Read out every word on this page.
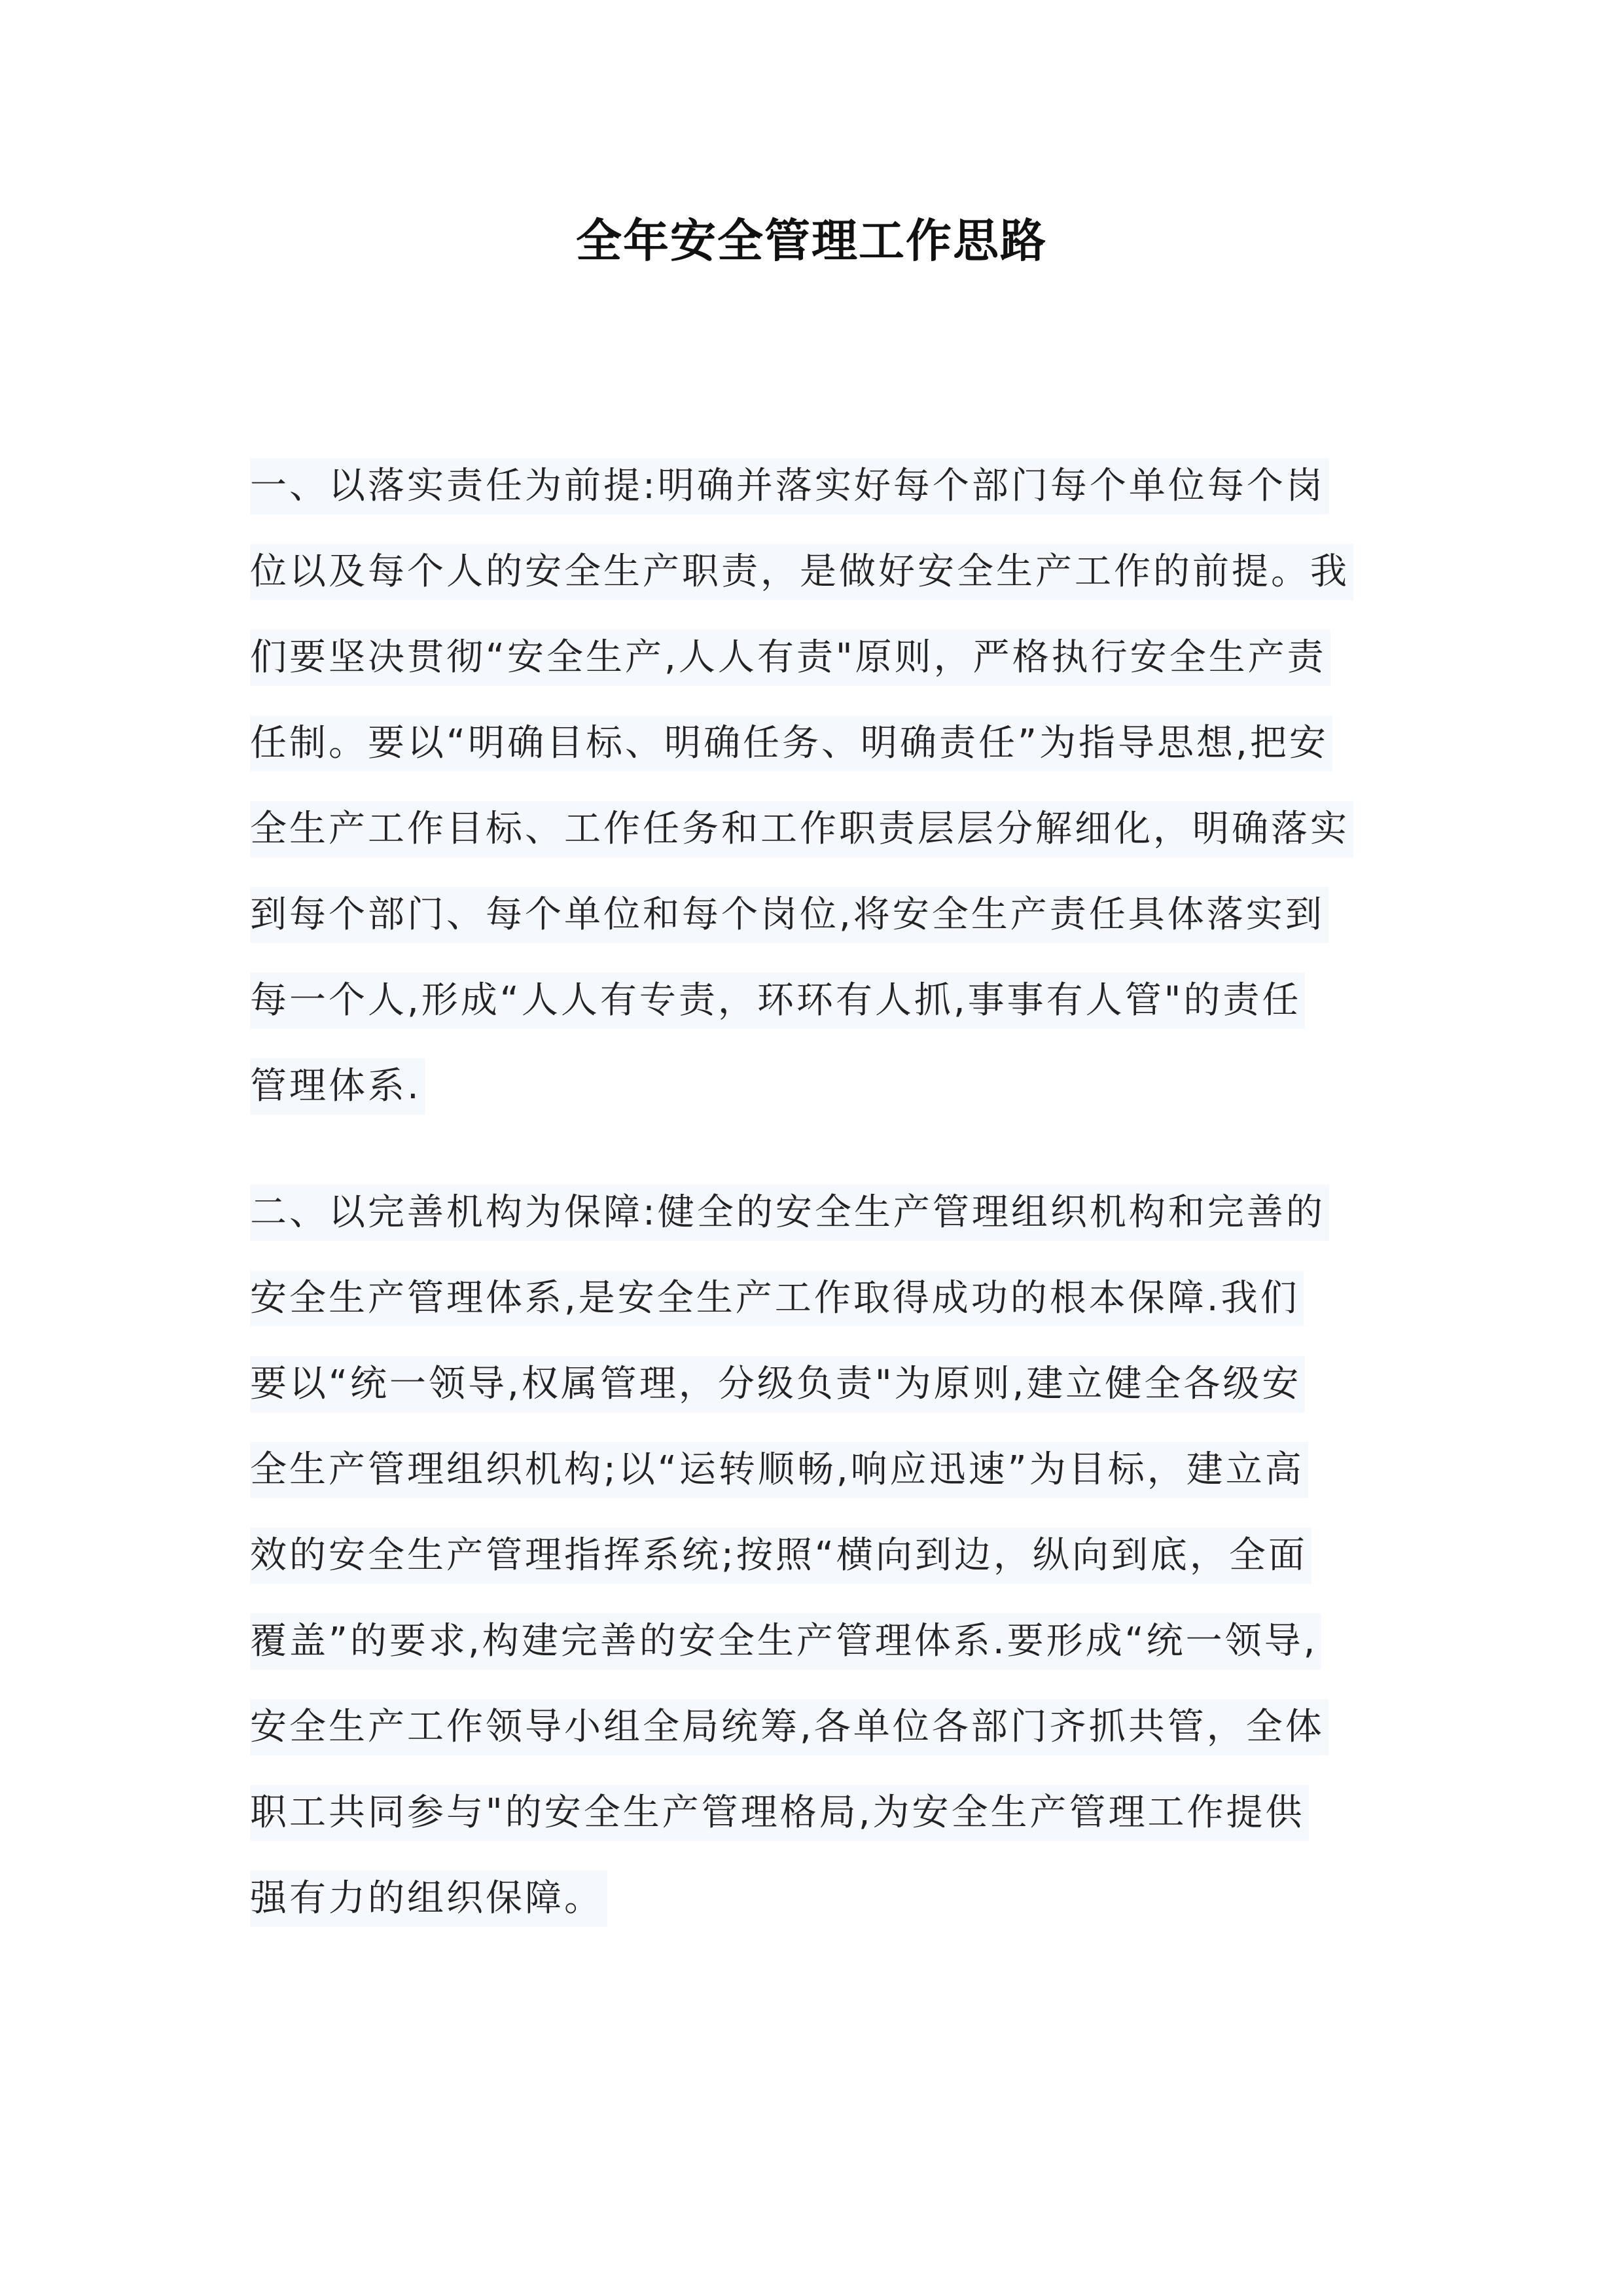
全年安全管理工作思路
一、以落实责任为前提:明确并落实好每个部门每个单位每个岗
位以及每个人的安全生产职责，是做好安全生产工作的前提。我
们要坚决贯彻“安全生产,人人有责"原则，严格执行安全生产责
任制。要以“明确目标、明确任务、明确责任”为指导思想,把安
全生产工作目标、工作任务和工作职责层层分解细化，明确落实
到每个部门、每个单位和每个岗位,将安全生产责任具体落实到
每一个人,形成“人人有专责，环环有人抓,事事有人管"的责任
管理体系.
二、以完善机构为保障:健全的安全生产管理组织机构和完善的
安全生产管理体系,是安全生产工作取得成功的根本保障.我们
要以“统一领导,权属管理，分级负责"为原则,建立健全各级安
全生产管理组织机构;以“运转顺畅,响应迅速”为目标，建立高
效的安全生产管理指挥系统;按照“横向到边，纵向到底，全面
覆盖”的要求,构建完善的安全生产管理体系.要形成“统一领导,
安全生产工作领导小组全局统筹,各单位各部门齐抓共管，全体
职工共同参与"的安全生产管理格局,为安全生产管理工作提供
强有力的组织保障。
